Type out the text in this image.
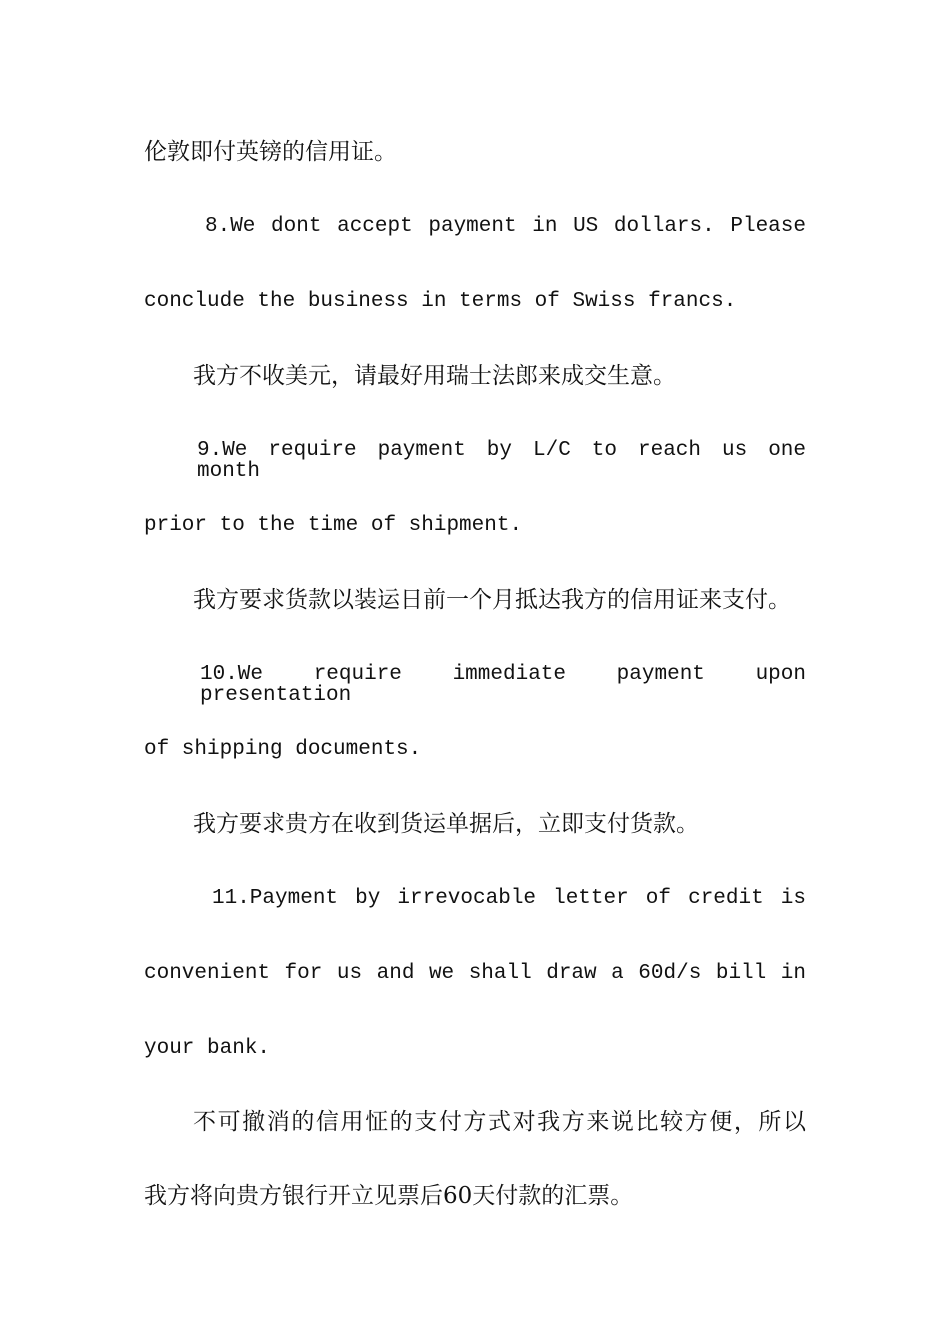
伦敦即付英镑的信用证。
8.We dont accept payment in US dollars. Please
conclude the business in terms of Swiss francs.
我方不收美元，请最好用瑞士法郎来成交生意。
9.We require payment by L/C to reach us one month
prior to the time of shipment.
我方要求货款以装运日前一个月抵达我方的信用证来支付。
10.We require immediate payment upon presentation
of shipping documents.
我方要求贵方在收到货运单据后，立即支付货款。
11.Payment by irrevocable letter of credit is
convenient for us and we shall draw a 60d/s bill in
your bank.
不可撤消的信用怔的支付方式对我方来说比较方便，所以
我方将向贵方银行开立见票后60天付款的汇票。
